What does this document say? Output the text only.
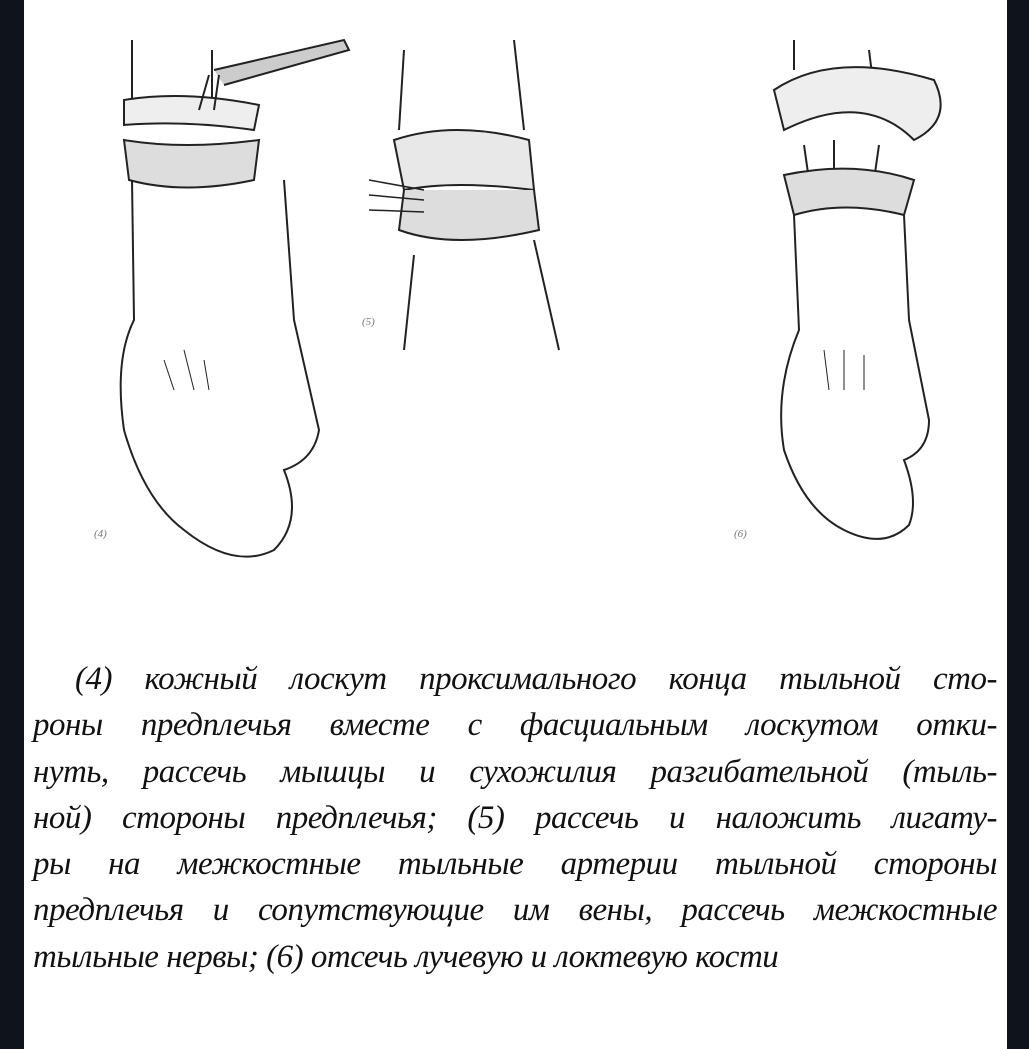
(4)
(5)
(6)
(4) кожный лоскут проксимального конца тыльной сто-
роны предплечья вместе с фасциальным лоскутом отки-
нуть, рассечь мышцы и сухожилия разгибательной (тыль-
ной) стороны предплечья; (5) рассечь и наложить лигату-
ры на межкостные тыльные артерии тыльной стороны
предплечья и сопутствующие им вены, рассечь межкостные
тыльные нервы; (6) отсечь лучевую и локтевую кости
